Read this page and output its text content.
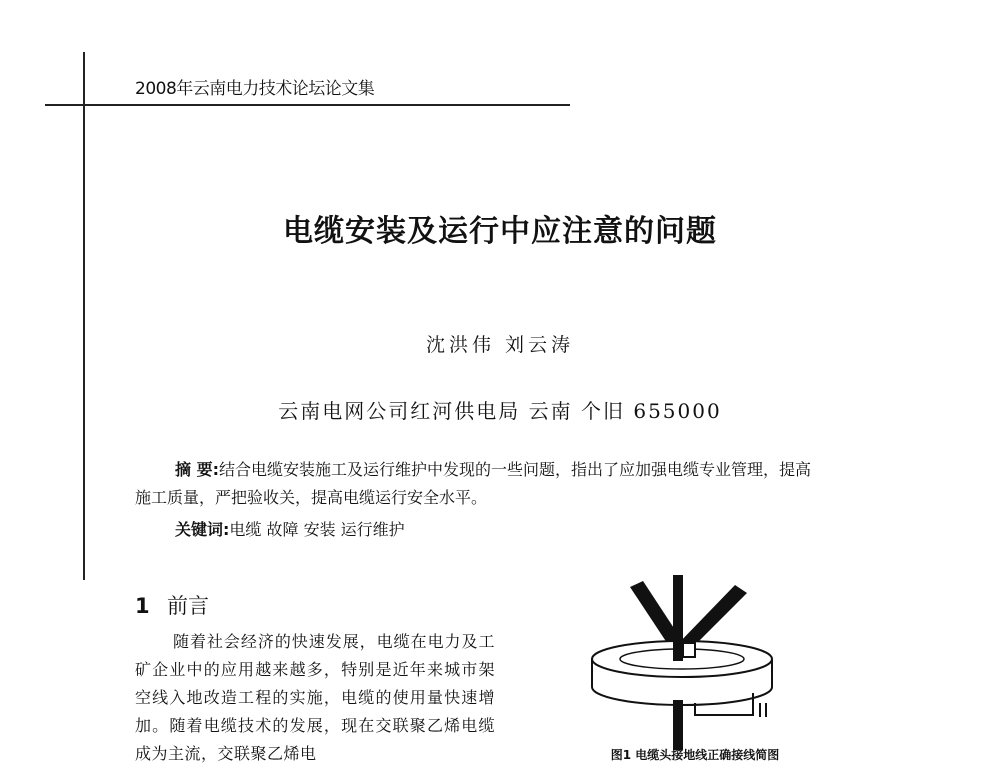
2008年云南电力技术论坛论文集
电缆安装及运行中应注意的问题
沈洪伟 刘云涛
云南电网公司红河供电局 云南 个旧 655000
摘 要:结合电缆安装施工及运行维护中发现的一些问题，指出了应加强电缆专业管理，提高
施工质量，严把验收关，提高电缆运行安全水平。
关键词:电缆 故障 安装 运行维护
1 前言

随着社会经济的快速发展，电缆在电力及工矿企业中的应用越来越多，特别是近年来城市架空线入地改造工程的实施，电缆的使用量快速增加。随着电缆技术的发展，现在交联聚乙烯电缆成为主流，交联聚乙烯电	图1 电缆头接地线正确接线简图
